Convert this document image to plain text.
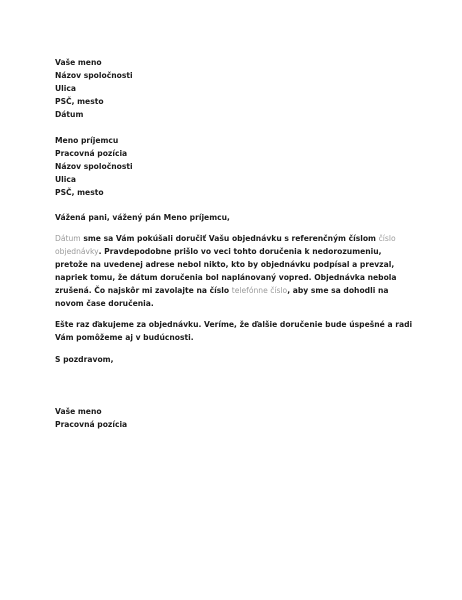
Vaše meno

Názov spoločnosti

Ulica

PSČ, mesto

Dátum

Meno príjemcu

Pracovná pozícia

Názov spoločnosti

Ulica

PSČ, mesto

Vážená pani, vážený pán Meno príjemcu,

Dátum sme sa Vám pokúšali doručiť Vašu objednávku s referenčným číslom číslo objednávky. Pravdepodobne prišlo vo veci tohto doručenia k nedorozumeniu, pretože na uvedenej adrese nebol nikto, kto by objednávku podpísal a prevzal, napriek tomu, že dátum doručenia bol naplánovaný vopred. Objednávka nebola zrušená. Čo najskôr mi zavolajte na číslo telefónne číslo, aby sme sa dohodli na novom čase doručenia.

Ešte raz ďakujeme za objednávku. Veríme, že ďalšie doručenie bude úspešné a radi Vám pomôžeme aj v budúcnosti.

S pozdravom,

Vaše meno

Pracovná pozícia
